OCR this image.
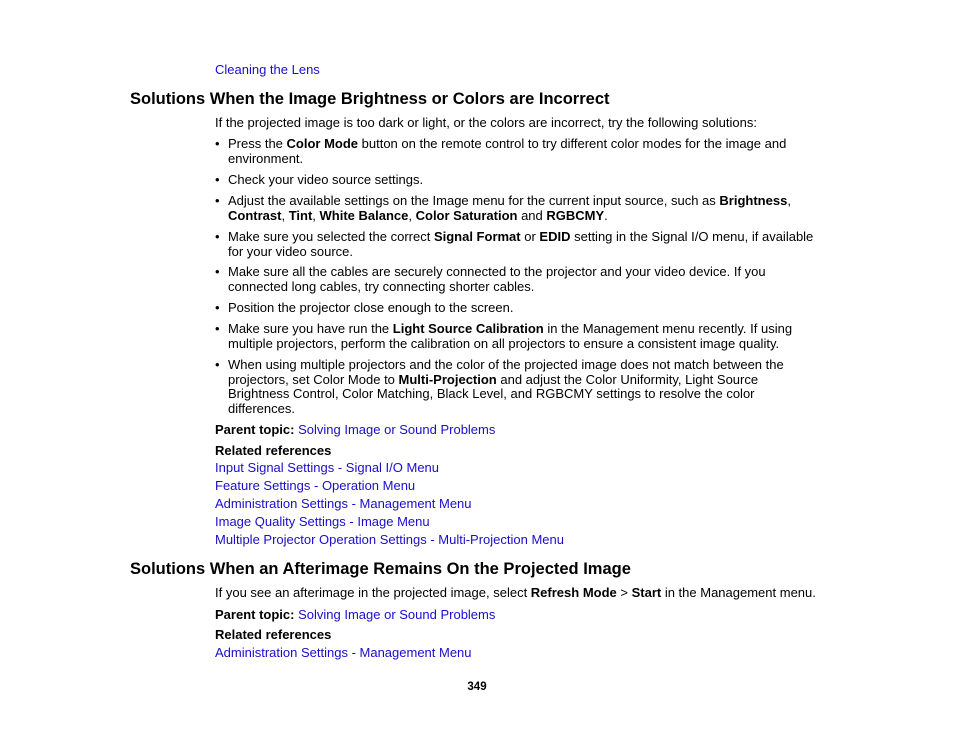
Cleaning the Lens
Solutions When the Image Brightness or Colors are Incorrect
If the projected image is too dark or light, or the colors are incorrect, try the following solutions:
• Press the Color Mode button on the remote control to try different color modes for the image and
environment.
• Check your video source settings.
• Adjust the available settings on the Image menu for the current input source, such as Brightness,
Contrast, Tint, White Balance, Color Saturation and RGBCMY.
• Make sure you selected the correct Signal Format or EDID setting in the Signal I/O menu, if available
for your video source.
• Make sure all the cables are securely connected to the projector and your video device. If you
connected long cables, try connecting shorter cables.
• Position the projector close enough to the screen.
• Make sure you have run the Light Source Calibration in the Management menu recently. If using
multiple projectors, perform the calibration on all projectors to ensure a consistent image quality.
• When using multiple projectors and the color of the projected image does not match between the
projectors, set Color Mode to Multi-Projection and adjust the Color Uniformity, Light Source
Brightness Control, Color Matching, Black Level, and RGBCMY settings to resolve the color
differences.
Parent topic: Solving Image or Sound Problems
Related references
Input Signal Settings - Signal I/O Menu
Feature Settings - Operation Menu
Administration Settings - Management Menu
Image Quality Settings - Image Menu
Multiple Projector Operation Settings - Multi-Projection Menu
Solutions When an Afterimage Remains On the Projected Image
If you see an afterimage in the projected image, select Refresh Mode > Start in the Management menu.
Parent topic: Solving Image or Sound Problems
Related references
Administration Settings - Management Menu
349
